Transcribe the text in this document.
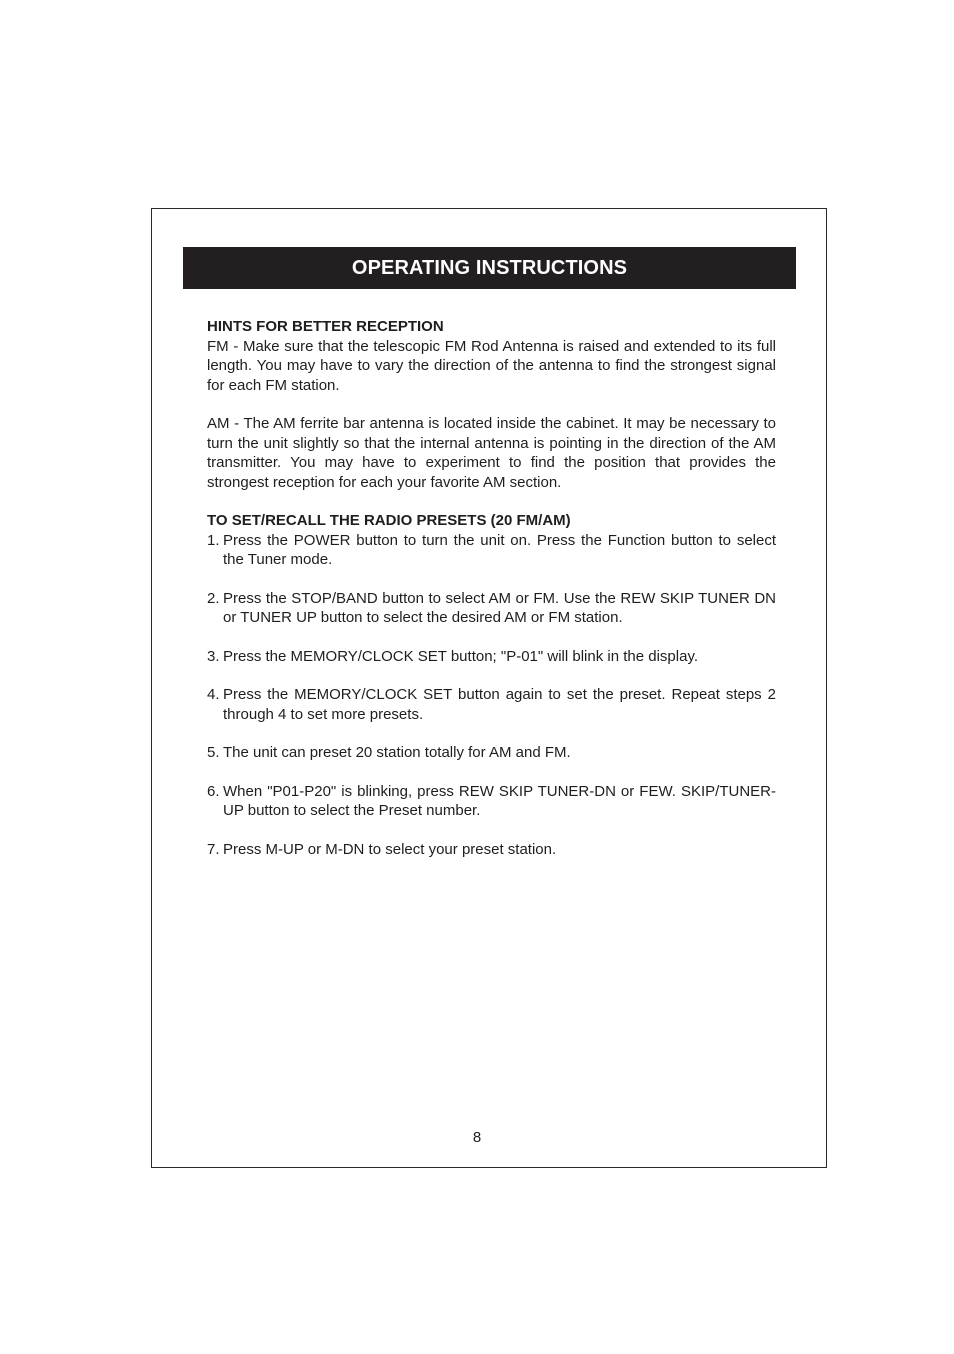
OPERATING INSTRUCTIONS

HINTS FOR BETTER RECEPTION

FM - Make sure that the telescopic FM Rod Antenna is raised and extended to its full length. You may have to vary the direction of the antenna to find the strongest signal for each FM station.

AM - The AM ferrite bar antenna is located inside the cabinet. It may be necessary to turn the unit slightly so that the internal antenna is pointing in the direction of the AM transmitter. You may have to experiment to find the position that provides the strongest reception for each your favorite AM section.

TO SET/RECALL THE RADIO PRESETS (20 FM/AM)

1. Press the POWER button to turn the unit on. Press the Function button to select the Tuner mode.
2. Press the STOP/BAND button to select AM or FM. Use the REW SKIP TUNER DN or TUNER UP button to select the desired AM or FM station.
3. Press the MEMORY/CLOCK SET button; "P-01" will blink in the display.
4. Press the MEMORY/CLOCK SET button again to set the preset. Repeat steps 2 through 4 to set more presets.
5. The unit can preset 20 station totally for AM and FM.
6. When "P01-P20" is blinking, press REW SKIP TUNER-DN or FEW. SKIP/TUNER-UP button to select the Preset number.
7. Press M-UP or M-DN to select your preset station.
8
